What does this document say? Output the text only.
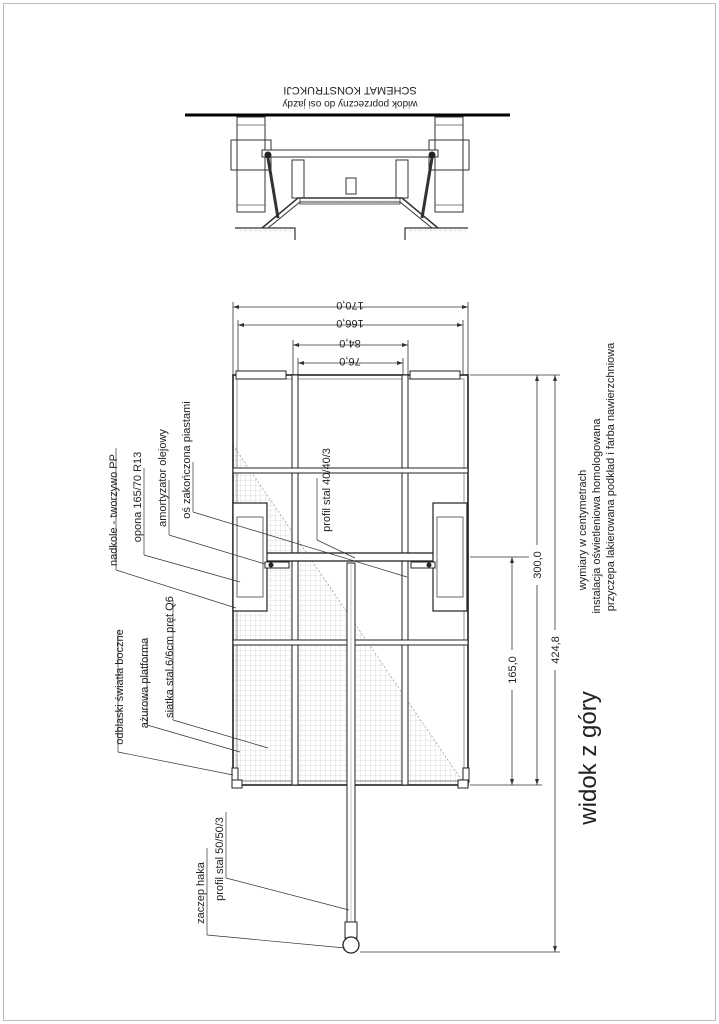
SCHEMAT KONSTRUKCJI
widok poprzeczny do osi jazdy
170,0
166,0
84,0
76,0
300,0
424,8
165,0
oś zakończona piastami
amortyzator olejowy
opona 165/70 R13
nadkole - tworzywo PP
siatka stal.6/6cm pręt Q6
ażurowa platforma
odblaski światła boczne
profil stal 50/50/3
zaczep haka
profil stal 40/40/3
widok z góry
wymiary w centymetrach instalacja oświetleniowa homologowana przyczepa lakierowana podkład i farba nawierzchniowa
